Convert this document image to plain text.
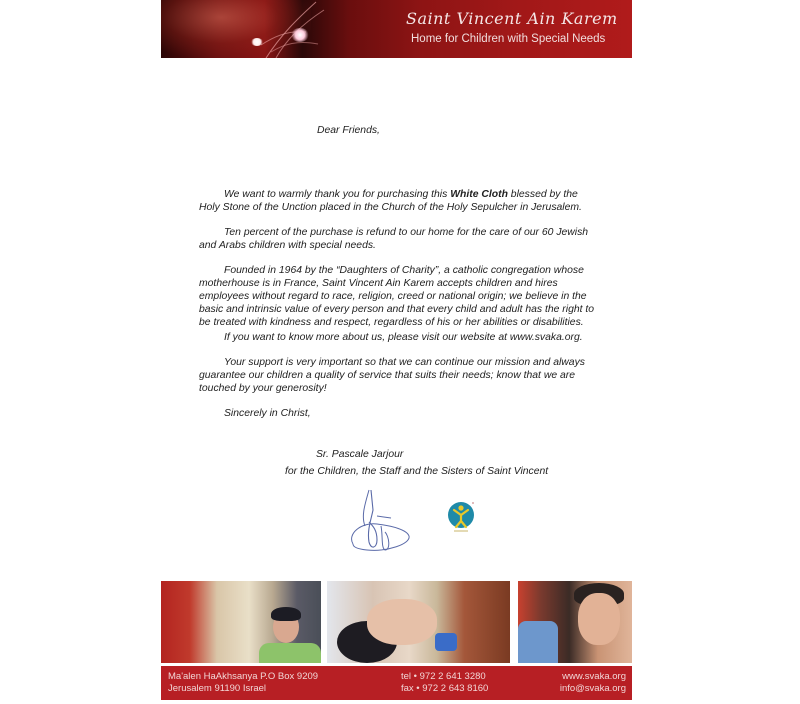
Saint Vincent Ain Karem
Home for Children with Special Needs
Dear Friends,

We want to warmly thank you for purchasing this White Cloth blessed by the Holy Stone of the Unction placed in the Church of the Holy Sepulcher in Jerusalem.

Ten percent of the purchase is refund to our home for the care of our 60 Jewish and Arabs children with special needs.

Founded in 1964 by the “Daughters of Charity”, a catholic congregation whose motherhouse is in France, Saint Vincent Ain Karem accepts children and hires employees without regard to race, religion, creed or national origin; we believe in the basic and intrinsic value of every person and that every child and adult has the right to be treated with kindness and respect, regardless of his or her abilities or disabilities.

If you want to know more about us, please visit our website at www.svaka.org.

Your support is very important so that we can continue our mission and always guarantee our children a quality of service that suits their needs; know that we are touched by your generosity!

Sincerely in Christ,
Sr. Pascale Jarjour
for the Children, the Staff and the Sisters of Saint Vincent
Ma'alen HaAkhsanya P.O Box 9209
Jerusalem 91190 Israel
tel • 972 2 641 3280
fax • 972 2 643 8160
www.svaka.org
info@svaka.org
